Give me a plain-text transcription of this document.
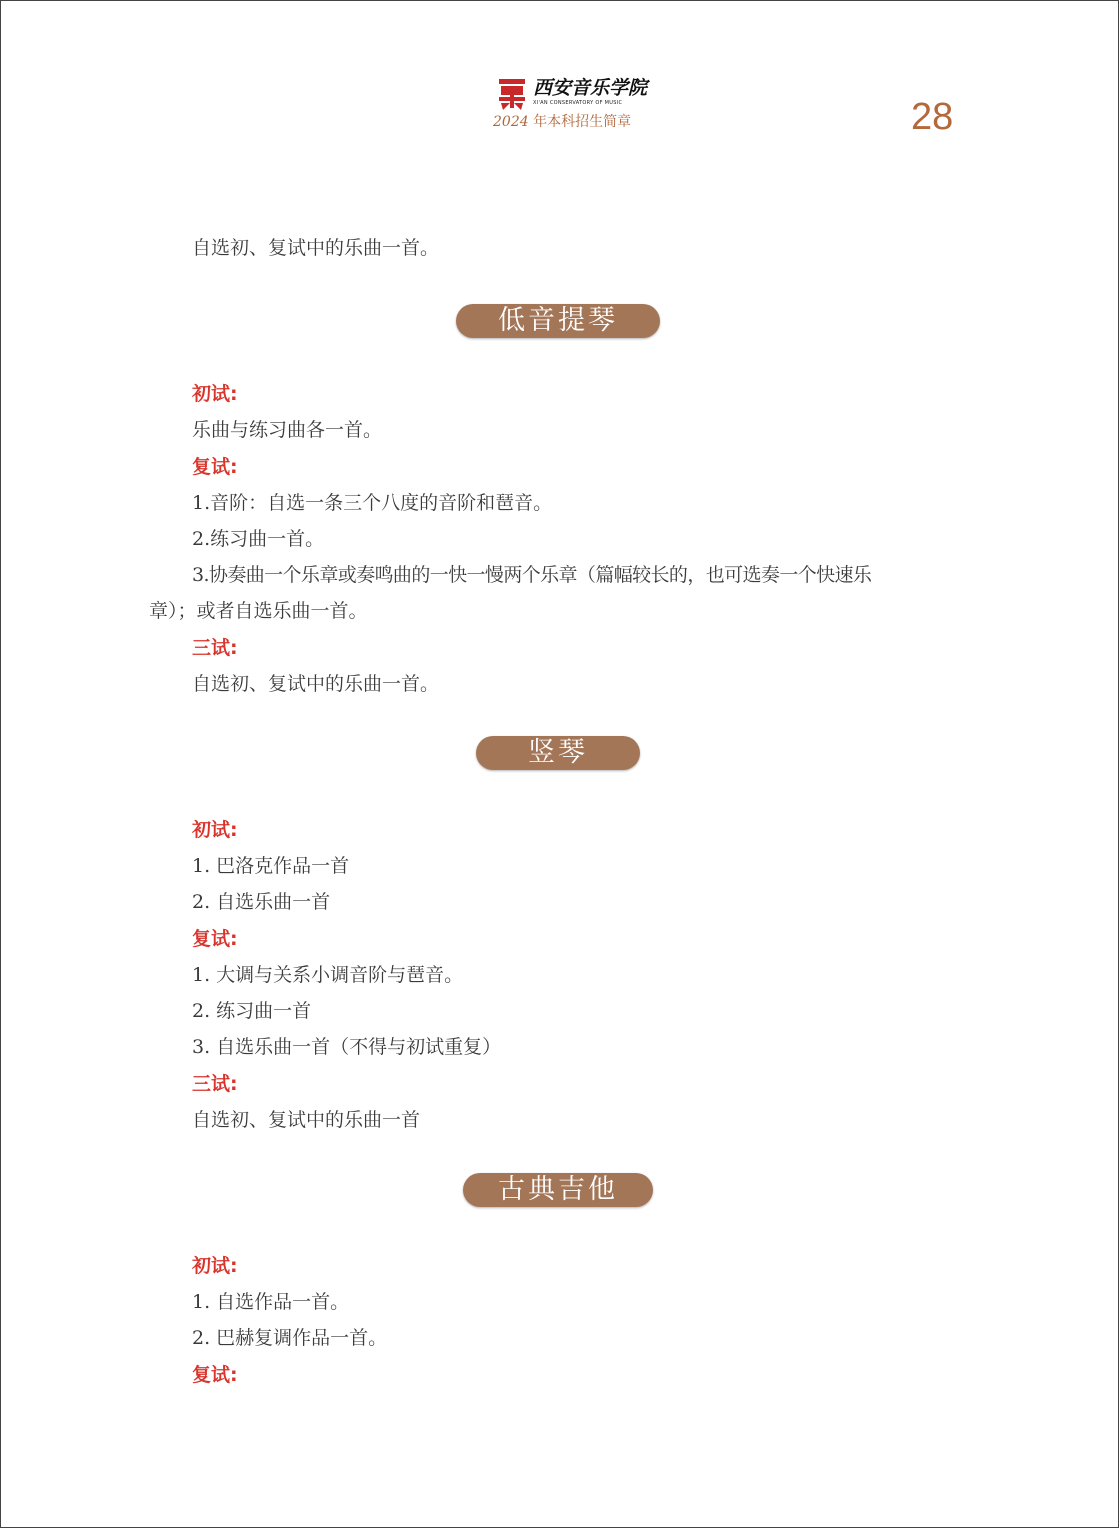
西安音乐学院
XI'AN CONSERVATORY OF MUSIC
2024 年本科招生简章	28
自选初、复试中的乐曲一首。
低音提琴
初试:
乐曲与练习曲各一首。
复试:
1.音阶：自选一条三个八度的音阶和琶音。
2.练习曲一首。
3.协奏曲一个乐章或奏鸣曲的一快一慢两个乐章（篇幅较长的，也可选奏一个快速乐
章）；或者自选乐曲一首。
三试:
自选初、复试中的乐曲一首。
竖琴
初试:
1. 巴洛克作品一首
2. 自选乐曲一首
复试:
1. 大调与关系小调音阶与琶音。
2. 练习曲一首
3. 自选乐曲一首（不得与初试重复）
三试:
自选初、复试中的乐曲一首
古典吉他
初试:
1. 自选作品一首。
2. 巴赫复调作品一首。
复试:
